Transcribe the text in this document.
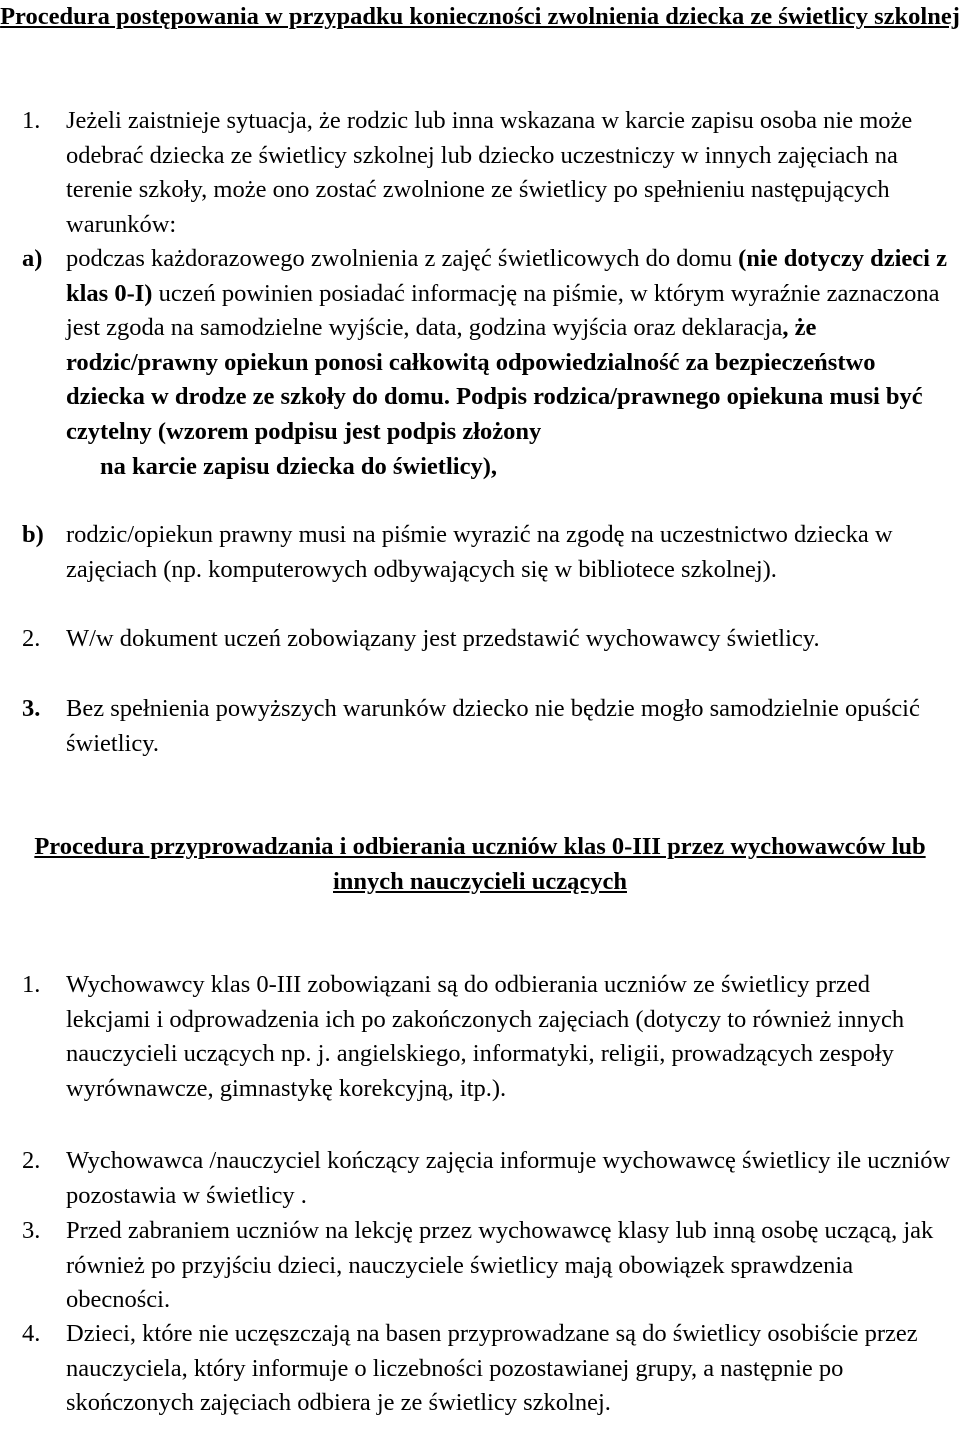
Procedura postępowania w przypadku konieczności zwolnienia dziecka ze świetlicy szkolnej
1. Jeżeli zaistnieje sytuacja, że rodzic lub inna wskazana w karcie zapisu osoba nie może odebrać dziecka ze świetlicy szkolnej lub dziecko uczestniczy w innych zajęciach na terenie szkoły, może ono zostać zwolnione ze świetlicy po spełnieniu następujących warunków:
a) podczas każdorazowego zwolnienia z zajęć świetlicowych do domu (nie dotyczy dzieci z klas 0-I) uczeń powinien posiadać informację na piśmie, w którym wyraźnie zaznaczona jest zgoda na samodzielne wyjście, data, godzina wyjścia oraz deklaracja, że rodzic/prawny opiekun ponosi całkowitą odpowiedzialność za bezpieczeństwo dziecka w drodze ze szkoły do domu. Podpis rodzica/prawnego opiekuna musi być czytelny (wzorem podpisu jest podpis złożony
na karcie zapisu dziecka do świetlicy),
b) rodzic/opiekun prawny musi na piśmie wyrazić na zgodę na uczestnictwo dziecka w zajęciach (np. komputerowych odbywających się w bibliotece szkolnej).
2. W/w dokument uczeń zobowiązany jest przedstawić wychowawcy świetlicy.
3. Bez spełnienia powyższych warunków dziecko nie będzie mogło samodzielnie opuścić świetlicy.
Procedura przyprowadzania i odbierania uczniów klas 0-III przez wychowawców lub innych nauczycieli uczących
1. Wychowawcy klas 0-III zobowiązani są do odbierania uczniów ze świetlicy przed lekcjami i odprowadzenia ich po zakończonych zajęciach (dotyczy to również innych nauczycieli uczących np. j. angielskiego, informatyki, religii, prowadzących zespoły wyrównawcze, gimnastykę korekcyjną, itp.).
2. Wychowawca /nauczyciel kończący zajęcia informuje wychowawcę świetlicy ile uczniów pozostawia w świetlicy .
3. Przed zabraniem uczniów na lekcję przez wychowawcę klasy lub inną osobę uczącą, jak również po przyjściu dzieci, nauczyciele świetlicy mają obowiązek sprawdzenia obecności.
4. Dzieci, które nie uczęszczają na basen przyprowadzane są do świetlicy osobiście przez nauczyciela, który informuje o liczebności pozostawianej grupy, a następnie po skończonych zajęciach odbiera je ze świetlicy szkolnej.
